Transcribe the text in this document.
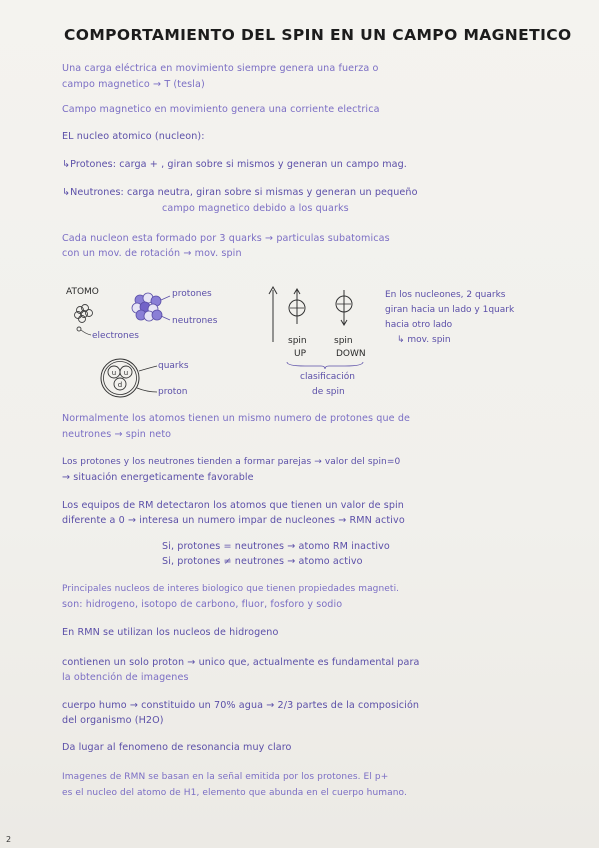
COMPORTAMIENTO DEL SPIN EN UN CAMPO MAGNETICO
Una carga eléctrica en movimiento siempre genera una fuerza o
campo magnetico → T (tesla)
Campo magnetico en movimiento genera una corriente electrica
EL nucleo atomico (nucleon):
↳Protones: carga + , giran sobre si mismos y generan un campo mag.
↳Neutrones: carga neutra, giran sobre si mismas y generan un pequeño
campo magnetico debido a los quarks
Cada nucleon esta formado por 3 quarks → particulas subatomicas
con un mov. de rotación → mov. spin
ATOMO	protones
neutrones
electrones
quarks
proton
u u
d
spin
UP
spin
DOWN
clasificación
de spin
En los nucleones, 2 quarks
giran hacia un lado y 1quark
hacia otro lado
↳ mov. spin
Normalmente los atomos tienen un mismo numero de protones que de
neutrones → spin neto
Los protones y los neutrones tienden a formar parejas → valor del spin=0
→ situación energeticamente favorable
Los equipos de RM detectaron los atomos que tienen un valor de spin
diferente a 0 → interesa un numero impar de nucleones → RMN activo
Si, protones = neutrones → atomo RM inactivo
Si, protones ≠ neutrones → atomo activo
Principales nucleos de interes biologico que tienen propiedades magneti.
son: hidrogeno, isotopo de carbono, fluor, fosforo y sodio
En RMN se utilizan los nucleos de hidrogeno
contienen un solo proton → unico que, actualmente es fundamental para
la obtención de imagenes
cuerpo humo → constituido un 70% agua → 2/3 partes de la composición
del organismo (H2O)
Da lugar al fenomeno de resonancia muy claro
Imagenes de RMN se basan en la señal emitida por los protones. El p+
es el nucleo del atomo de H1, elemento que abunda en el cuerpo humano.
2
